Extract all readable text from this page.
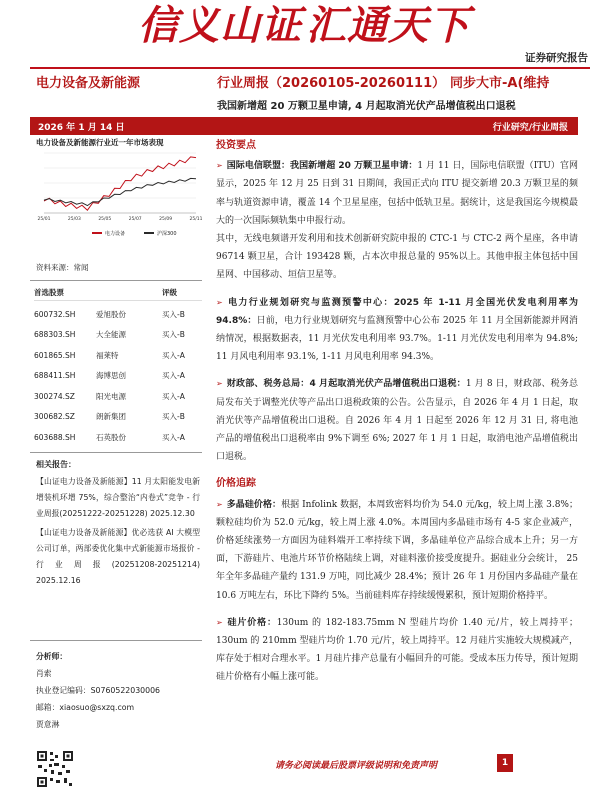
信义山证 汇通天下
证券研究报告
电力设备及新能源	行业周报（20260105-20260111） 同步大市-A(维持
我国新增超 20 万颗卫星申请, 4 月起取消光伏产品增值税出口退税
2026 年 1 月 14 日	行业研究/行业周报
电力设备及新能源行业近一年市场表现
25/01	25/03	25/05	25/07	25/09	25/11
电力设备	沪深300
资料来源：常闻
首选股票	评级
600732.SH	爱旭股份	买入-B
688303.SH	大全能源	买入-B
601865.SH	福莱特	买入-A
688411.SH	海博思创	买入-A
300274.SZ	阳光电源	买入-A
300682.SZ	朗新集团	买入-B
603688.SH	石英股份	买入-A
相关报告：
【山证电力设备及新能源】11 月太阳能发电新增装机环增 75%，综合整治“内卷式”竞争 - 行业周报(20251222-20251228) 2025.12.30
【山证电力设备及新能源】优必选获 AI 大模型公司订单，两部委优化集中式新能源市场报价 - 行业周报(20251208-20251214) 2025.12.16
分析师：
肖索
执业登记编码：S0760522030006
邮箱：xiaosuo@sxzq.com
贾意淋
投资要点
➢ 国际电信联盟：我国新增超 20 万颗卫星申请：1 月 11 日，国际电信联盟（ITU）官网显示，2025 年 12 月 25 日到 31 日期间，我国正式向 ITU 提交新增 20.3 万颗卫星的频率与轨道资源申请，覆盖 14 个卫星星座，包括中低轨卫星。据统计，这是我国迄今规模最大的一次国际频轨集中申报行动。
其中，无线电频谱开发利用和技术创新研究院申报的 CTC-1 与 CTC-2 两个星座，各申请 96714 颗卫星，合计 193428 颗，占本次申报总量的 95%以上。其他申报主体包括中国星网、中国移动、垣信卫星等。
➢ 电力行业规划研究与监测预警中心：2025 年 1-11 月全国光伏发电利用率为 94.8%：日前，电力行业规划研究与监测预警中心公布 2025 年 11 月全国新能源并网消纳情况，根据数据表，11 月光伏发电利用率 93.7%。1-11 月光伏发电利用率为 94.8%; 11 月风电利用率 93.1%, 1-11 月风电利用率 94.3%。
➢ 财政部、税务总局：4 月起取消光伏产品增值税出口退税：1 月 8 日，财政部、税务总局发布关于调整光伏等产品出口退税政策的公告。公告显示，自 2026 年 4 月 1 日起，取消光伏等产品增值税出口退税。自 2026 年 4 月 1 日起至 2026 年 12 月 31 日, 将电池产品的增值税出口退税率由 9%下调至 6%; 2027 年 1 月 1 日起，取消电池产品增值税出口退税。
价格追踪
➢ 多晶硅价格：根据 Infolink 数据，本周致密料均价为 54.0 元/kg，较上周上涨 3.8%；颗粒硅均价为 52.0 元/kg，较上周上涨 4.0%。本周国内多晶硅市场有 4-5 家企业减产，价格延续涨势一方面因为硅料端开工率持续下调，多晶硅单位产品综合成本上升；另一方面，下游硅片、电池片环节价格陆续上调，对硅料涨价接受度提升。据硅业分会统计， 25 年全年多晶硅产量约 131.9 万吨，同比减少 28.4%；预计 26 年 1 月份国内多晶硅产量在 10.6 万吨左右，环比下降约 5%。当前硅料库存持续缓慢累积，预计短期价格持平。
➢ 硅片价格：130um 的 182-183.75mm N 型硅片均价 1.40 元/片，较上周持平；130um 的 210mm 型硅片均价 1.70 元/片，较上周持平。12 月硅片实施较大规模减产，库存处于相对合理水平。1 月硅片排产总量有小幅回升的可能。受成本压力传导，预计短期硅片价格有小幅上涨可能。
请务必阅读最后股票评级说明和免责声明	1
